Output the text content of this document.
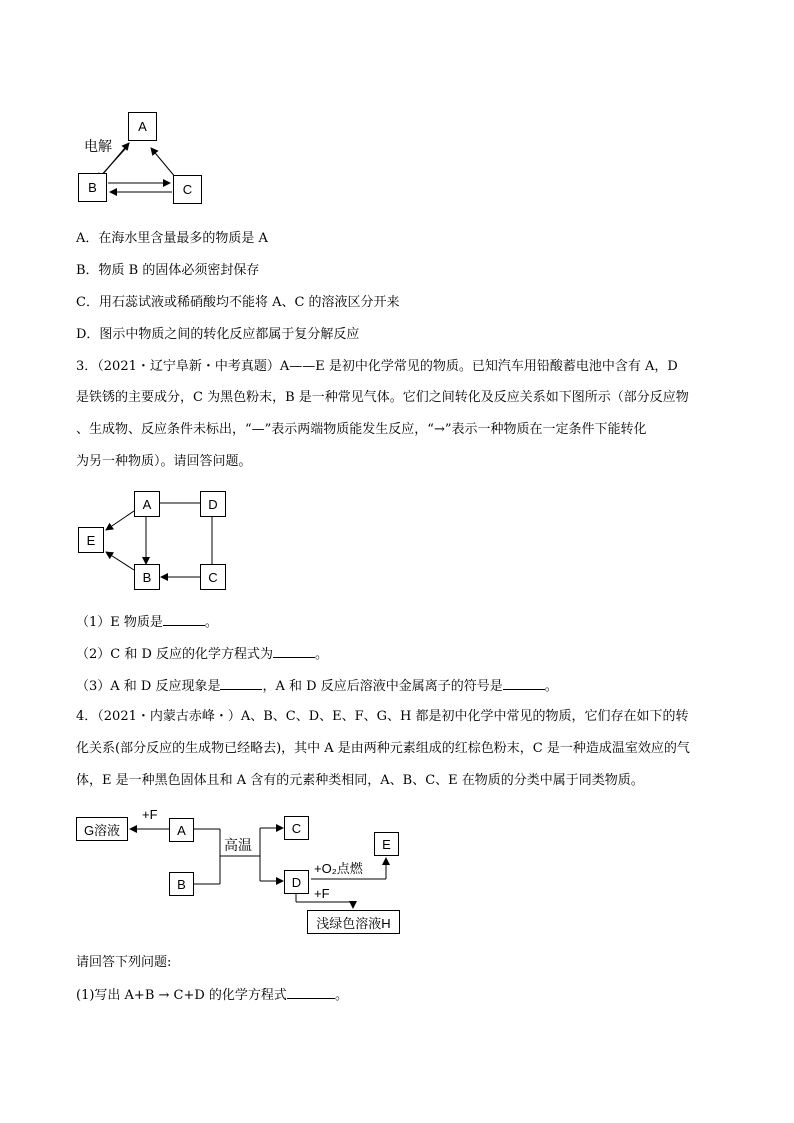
A
B	C
电解
A．在海水里含量最多的物质是 A
B．物质 B 的固体必须密封保存
C．用石蕊试液或稀硝酸均不能将 A、C 的溶液区分开来
D．图示中物质之间的转化反应都属于复分解反应
3．（2021・辽宁阜新・中考真题）A——E 是初中化学常见的物质。已知汽车用铅酸蓄电池中含有 A，D
是铁锈的主要成分，C 为黑色粉末，B 是一种常见气体。它们之间转化及反应关系如下图所示（部分反应物
、生成物、反应条件未标出，“—”表示两端物质能发生反应，“→”表示一种物质在一定条件下能转化
为另一种物质）。请回答问题。
A	D
E
B	C
（1）E 物质是	。
（2）C 和 D 反应的化学方程式为	。
（3）A 和 D 反应现象是	，A 和 D 反应后溶液中金属离子的符号是	。
4．（2021・内蒙古赤峰・）A、B、C、D、E、F、G、H 都是初中化学中常见的物质，它们存在如下的转
化关系(部分反应的生成物已经略去)，其中 A 是由两种元素组成的红棕色粉末，C 是一种造成温室效应的气
体，E 是一种黑色固体且和 A 含有的元素种类相同，A、B、C、E 在物质的分类中属于同类物质。
G溶液	A
B
C
D
E
浅绿色溶液H
+F
高温
+O₂点燃
+F
请回答下列问题:
(1)写出 A+B → C+D 的化学方程式	。
